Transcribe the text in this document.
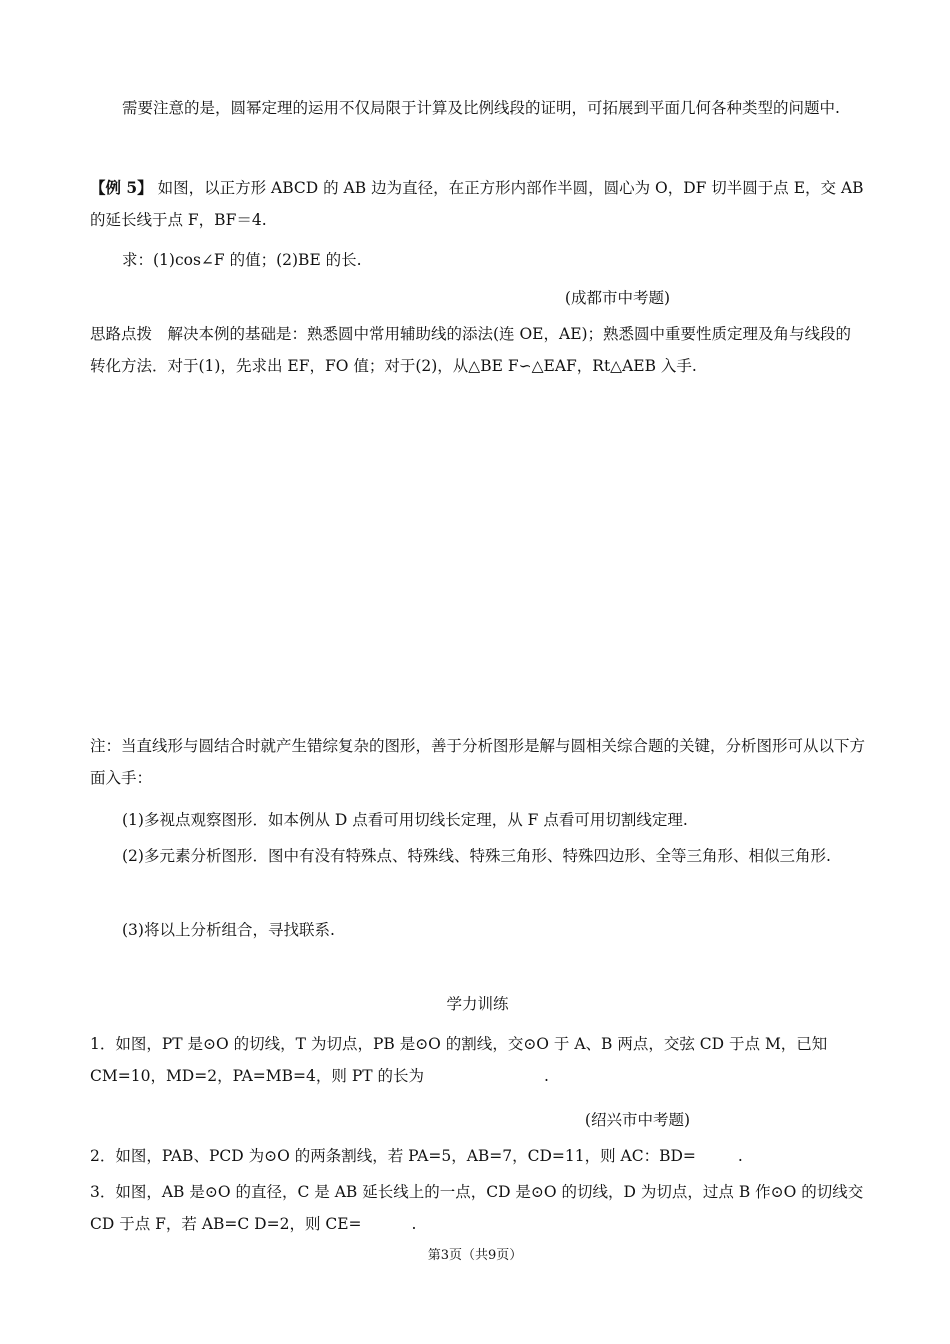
需要注意的是，圆幂定理的运用不仅局限于计算及比例线段的证明，可拓展到平面几何各种类型的问题中.

【例 5】 如图，以正方形 ABCD 的 AB 边为直径，在正方形内部作半圆，圆心为 O，DF 切半圆于点 E，交 AB 的延长线于点 F，BF＝4.

求：(1)cos∠F 的值；(2)BE 的长.

(成都市中考题)

思路点拨　解决本例的基础是：熟悉圆中常用辅助线的添法(连 OE，AE)；熟悉圆中重要性质定理及角与线段的转化方法．对于(1)，先求出 EF，FO 值；对于(2)，从△BE F∽△EAF，Rt△AEB 入手.

注：当直线形与圆结合时就产生错综复杂的图形，善于分析图形是解与圆相关综合题的关键，分析图形可从以下方面入手：

(1)多视点观察图形．如本例从 D 点看可用切线长定理，从 F 点看可用切割线定理.

(2)多元素分析图形．图中有没有特殊点、特殊线、特殊三角形、特殊四边形、全等三角形、相似三角形.

(3)将以上分析组合，寻找联系.

学力训练

1．如图，PT 是⊙O 的切线，T 为切点，PB 是⊙O 的割线，交⊙O 于 A、B 两点，交弦 CD 于点 M，已知 CM=10，MD=2，PA=MB=4，则 PT 的长为	.

(绍兴市中考题)

2．如图，PAB、PCD 为⊙O 的两条割线，若 PA=5，AB=7，CD=11，则 AC：BD=	.

3．如图，AB 是⊙O 的直径，C 是 AB 延长线上的一点，CD 是⊙O 的切线，D 为切点，过点 B 作⊙O 的切线交 CD 于点 F，若 AB=C D=2，则 CE=	.

第3页（共9页）
